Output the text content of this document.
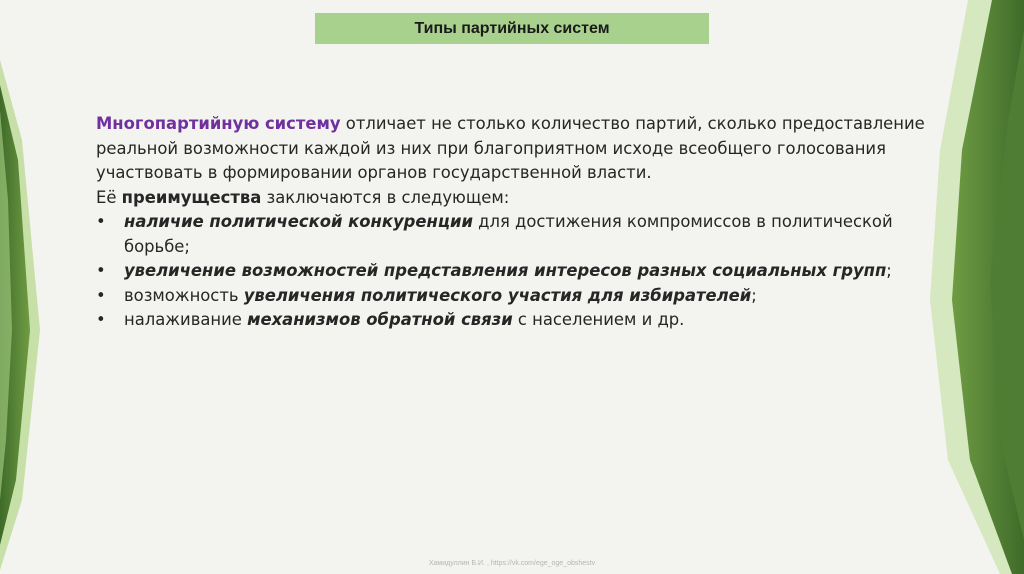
Типы партийных систем

Многопартийную систему отличает не столько количество партий, сколько предоставление реальной возможности каждой из них при благоприятном исходе всеобщего голосования участвовать в формировании органов государственной власти.

Её преимущества заключаются в следующем:

• наличие политической конкуренции для достижения компромиссов в политической борьбе;
• увеличение возможностей представления интересов разных социальных групп;
• возможность увеличения политического участия для избирателей;
• налаживание механизмов обратной связи с населением и др.
Хамидуллин Б.И. , https://vk.com/ege_oge_obshestv
